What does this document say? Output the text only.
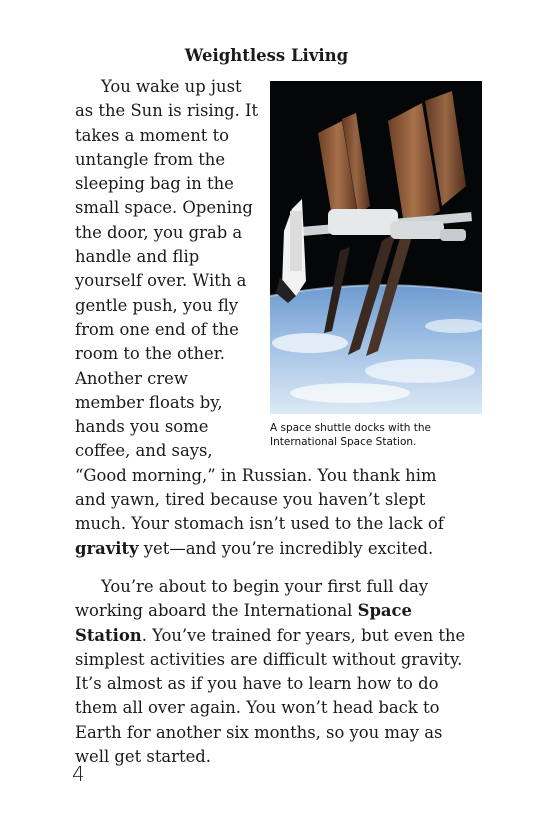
Weightless Living
A space shuttle docks with the International Space Station.

You wake up just as the Sun is rising. It takes a moment to untangle from the sleeping bag in the small space. Opening the door, you grab a handle and flip yourself over. With a gentle push, you fly from one end of the room to the other. Another crew member floats by, hands you some coffee, and says, “Good morning,” in Russian. You thank him and yawn, tired because you haven’t slept much. Your stomach isn’t used to the lack of gravity yet—and you’re incredibly excited.

You’re about to begin your first full day working aboard the International Space Station. You’ve trained for years, but even the simplest activities are difficult without gravity. It’s almost as if you have to learn how to do them all over again. You won’t head back to Earth for another six months, so you may as well get started.

4
